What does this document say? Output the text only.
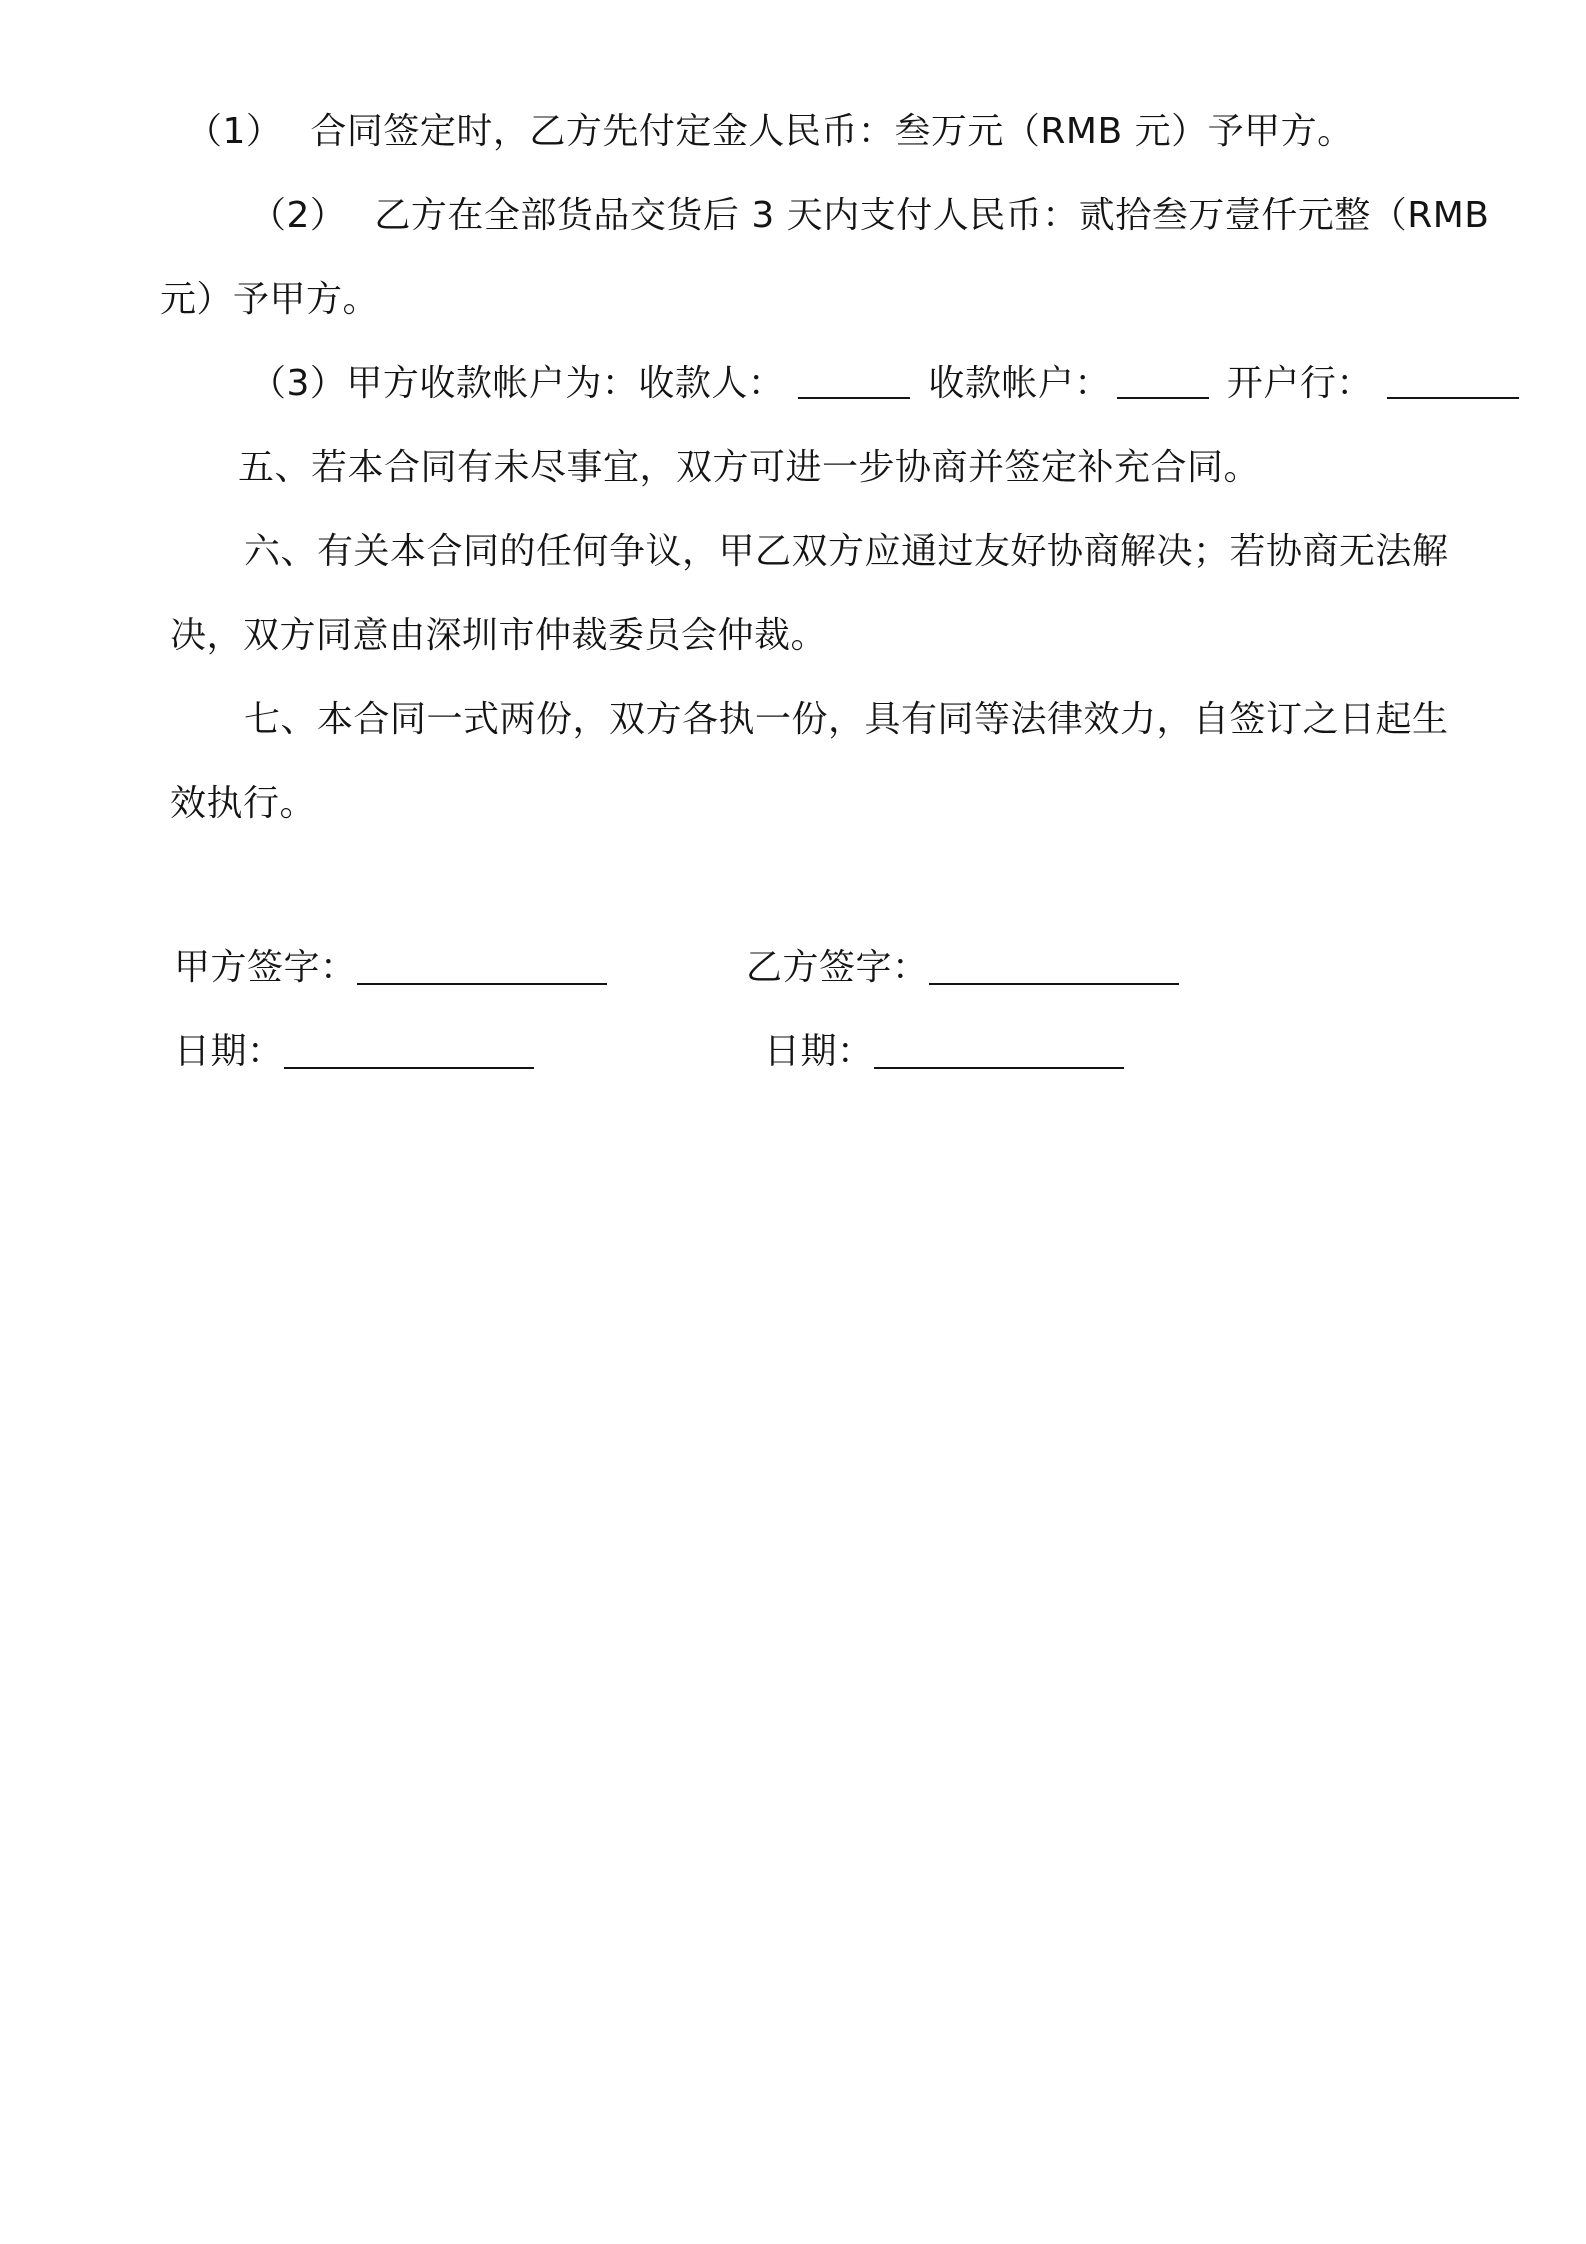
（1） 合同签定时，乙方先付定金人民币：叁万元（RMB 元）予甲方。
（2） 乙方在全部货品交货后 3 天内支付人民币：贰拾叁万壹仟元整（RMB
元）予甲方。
（3）甲方收款帐户为：收款人：	收款帐户：	开户行：
五、若本合同有未尽事宜，双方可进一步协商并签定补充合同。
六、有关本合同的任何争议，甲乙双方应通过友好协商解决；若协商无法解
决，双方同意由深圳市仲裁委员会仲裁。
七、本合同一式两份，双方各执一份，具有同等法律效力，自签订之日起生
效执行。
甲方签字：	乙方签字：
日期：	日期：
